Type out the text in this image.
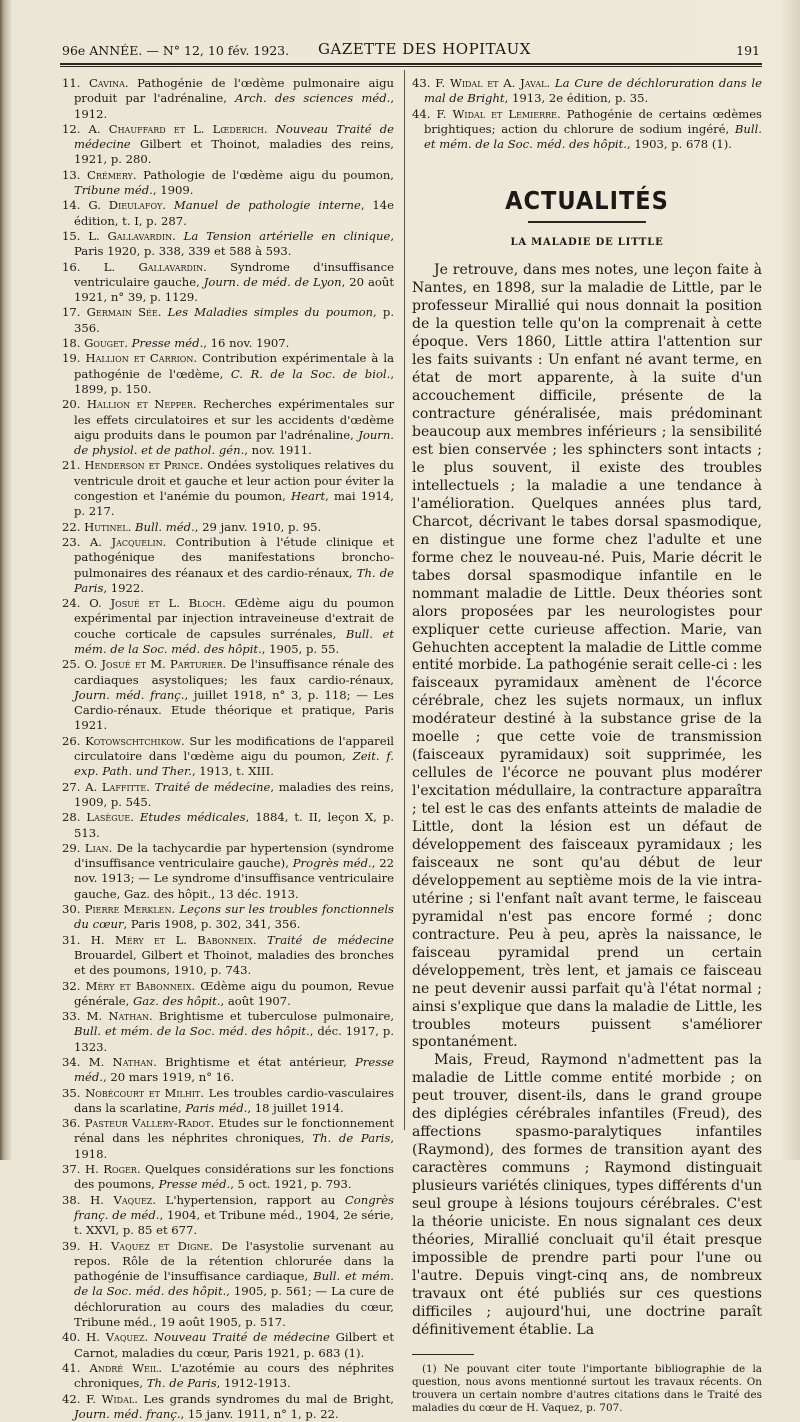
96e ANNÉE. — N° 12, 10 fév. 1923. GAZETTE DES HOPITAUX	191
11. Cavina. Pathogénie de l'œdème pulmonaire aigu produit par l'adrénaline, Arch. des sciences méd., 1912.
12. A. Chauffard et L. Lœderich. Nouveau Traité de médecine Gilbert et Thoinot, maladies des reins, 1921, p. 280.
13. Crémery. Pathologie de l'œdème aigu du poumon, Tribune méd., 1909.
14. G. Dieulafoy. Manuel de pathologie interne, 14e édition, t. I, p. 287.
15. L. Gallavardin. La Tension artérielle en clinique, Paris 1920, p. 338, 339 et 588 à 593.
16. L. Gallavardin. Syndrome d'insuffisance ventriculaire gauche, Journ. de méd. de Lyon, 20 août 1921, n° 39, p. 1129.
17. Germain Sée. Les Maladies simples du poumon, p. 356.
18. Gouget. Presse méd., 16 nov. 1907.
19. Hallion et Carrion. Contribution expérimentale à la pathogénie de l'œdème, C. R. de la Soc. de biol., 1899, p. 150.
20. Hallion et Nepper. Recherches expérimentales sur les effets circulatoires et sur les accidents d'œdème aigu produits dans le poumon par l'adrénaline, Journ. de physiol. et de pathol. gén., nov. 1911.
21. Henderson et Prince. Ondées systoliques relatives du ventricule droit et gauche et leur action pour éviter la congestion et l'anémie du poumon, Heart, mai 1914, p. 217.
22. Hutinel. Bull. méd., 29 janv. 1910, p. 95.
23. A. Jacquelin. Contribution à l'étude clinique et pathogénique des manifestations broncho-pulmonaires des réanaux et des cardio-rénaux, Th. de Paris, 1922.
24. O. Josué et L. Bloch. Œdème aigu du poumon expérimental par injection intraveineuse d'extrait de couche corticale de capsules surrénales, Bull. et mém. de la Soc. méd. des hôpit., 1905, p. 55.
25. O. Josué et M. Parturier. De l'insuffisance rénale des cardiaques asystoliques; les faux cardio-rénaux, Journ. méd. franç., juillet 1918, n° 3, p. 118; — Les Cardio-rénaux. Etude théorique et pratique, Paris 1921.
26. Kotowschtchikow. Sur les modifications de l'appareil circulatoire dans l'œdème aigu du poumon, Zeit. f. exp. Path. und Ther., 1913, t. XIII.
27. A. Laffitte. Traité de médecine, maladies des reins, 1909, p. 545.
28. Lasègue. Etudes médicales, 1884, t. II, leçon X, p. 513.
29. Lian. De la tachycardie par hypertension (syndrome d'insuffisance ventriculaire gauche), Progrès méd., 22 nov. 1913; — Le syndrome d'insuffisance ventriculaire gauche, Gaz. des hôpit., 13 déc. 1913.
30. Pierre Merklen. Leçons sur les troubles fonctionnels du cœur, Paris 1908, p. 302, 341, 356.
31. H. Méry et L. Babonneix. Traité de médecine Brouardel, Gilbert et Thoinot, maladies des bronches et des poumons, 1910, p. 743.
32. Méry et Babonneix. Œdème aigu du poumon, Revue générale, Gaz. des hôpit., août 1907.
33. M. Nathan. Brightisme et tuberculose pulmonaire, Bull. et mém. de la Soc. méd. des hôpit., déc. 1917, p. 1323.
34. M. Nathan. Brightisme et état antérieur, Presse méd., 20 mars 1919, n° 16.
35. Nobécourt et Milhit. Les troubles cardio-vasculaires dans la scarlatine, Paris méd., 18 juillet 1914.
36. Pasteur Vallery-Radot. Etudes sur le fonctionnement rénal dans les néphrites chroniques, Th. de Paris, 1918.
37. H. Roger. Quelques considérations sur les fonctions des poumons, Presse méd., 5 oct. 1921, p. 793.
38. H. Vaquez. L'hypertension, rapport au Congrès franç. de méd., 1904, et Tribune méd., 1904, 2e série, t. XXVI, p. 85 et 677.
39. H. Vaquez et Digne. De l'asystolie survenant au repos. Rôle de la rétention chlorurée dans la pathogénie de l'insuffisance cardiaque, Bull. et mém. de la Soc. méd. des hôpit., 1905, p. 561; — La cure de déchloruration au cours des maladies du cœur, Tribune méd., 19 août 1905, p. 517.
40. H. Vaquez. Nouveau Traité de médecine Gilbert et Carnot, maladies du cœur, Paris 1921, p. 683 (1).
41. André Weil. L'azotémie au cours des néphrites chroniques, Th. de Paris, 1912-1913.
42. F. Widal. Les grands syndromes du mal de Bright, Journ. méd. franç., 15 janv. 1911, n° 1, p. 22.
43. F. Widal et A. Javal. La Cure de déchloruration dans le mal de Bright, 1913, 2e édition, p. 35.
44. F. Widal et Lemierre. Pathogénie de certains œdèmes brightiques; action du chlorure de sodium ingéré, Bull. et mém. de la Soc. méd. des hôpit., 1903, p. 678 (1).
ACTUALITÉS
LA MALADIE DE LITTLE

Je retrouve, dans mes notes, une leçon faite à Nantes, en 1898, sur la maladie de Little, par le professeur Mirallié qui nous donnait la position de la question telle qu'on la comprenait à cette époque. Vers 1860, Little attira l'attention sur les faits suivants : Un enfant né avant terme, en état de mort apparente, à la suite d'un accouchement difficile, présente de la contracture généralisée, mais prédominant beaucoup aux membres inférieurs ; la sensibilité est bien conservée ; les sphincters sont intacts ; le plus souvent, il existe des troubles intellectuels ; la maladie a une tendance à l'amélioration. Quelques années plus tard, Charcot, décrivant le tabes dorsal spasmodique, en distingue une forme chez l'adulte et une forme chez le nouveau-né. Puis, Marie décrit le tabes dorsal spasmodique infantile en le nommant maladie de Little. Deux théories sont alors proposées par les neurologistes pour expliquer cette curieuse affection. Marie, van Gehuchten acceptent la maladie de Little comme entité morbide. La pathogénie serait celle-ci : les faisceaux pyramidaux amènent de l'écorce cérébrale, chez les sujets normaux, un influx modérateur destiné à la substance grise de la moelle ; que cette voie de transmission (faisceaux pyramidaux) soit supprimée, les cellules de l'écorce ne pouvant plus modérer l'excitation médullaire, la contracture apparaîtra ; tel est le cas des enfants atteints de maladie de Little, dont la lésion est un défaut de développement des faisceaux pyramidaux ; les faisceaux ne sont qu'au début de leur développement au septième mois de la vie intra-utérine ; si l'enfant naît avant terme, le faisceau pyramidal n'est pas encore formé ; donc contracture. Peu à peu, après la naissance, le faisceau pyramidal prend un certain développement, très lent, et jamais ce faisceau ne peut devenir aussi parfait qu'à l'état normal ; ainsi s'explique que dans la maladie de Little, les troubles moteurs puissent s'améliorer spontanément.

Mais, Freud, Raymond n'admettent pas la maladie de Little comme entité morbide ; on peut trouver, disent-ils, dans le grand groupe des diplégies cérébrales infantiles (Freud), des affections spasmo-paralytiques infantiles (Raymond), des formes de transition ayant des caractères communs ; Raymond distinguait plusieurs variétés cliniques, types différents d'un seul groupe à lésions toujours cérébrales. C'est la théorie uniciste. En nous signalant ces deux théories, Mirallié concluait qu'il était presque impossible de prendre parti pour l'une ou l'autre. Depuis vingt-cinq ans, de nombreux travaux ont été publiés sur ces questions difficiles ; aujourd'hui, une doctrine paraît définitivement établie. La

(1) Ne pouvant citer toute l'importante bibliographie de la question, nous avons mentionné surtout les travaux récents. On trouvera un certain nombre d'autres citations dans le Traité des maladies du cœur de H. Vaquez, p. 707.
